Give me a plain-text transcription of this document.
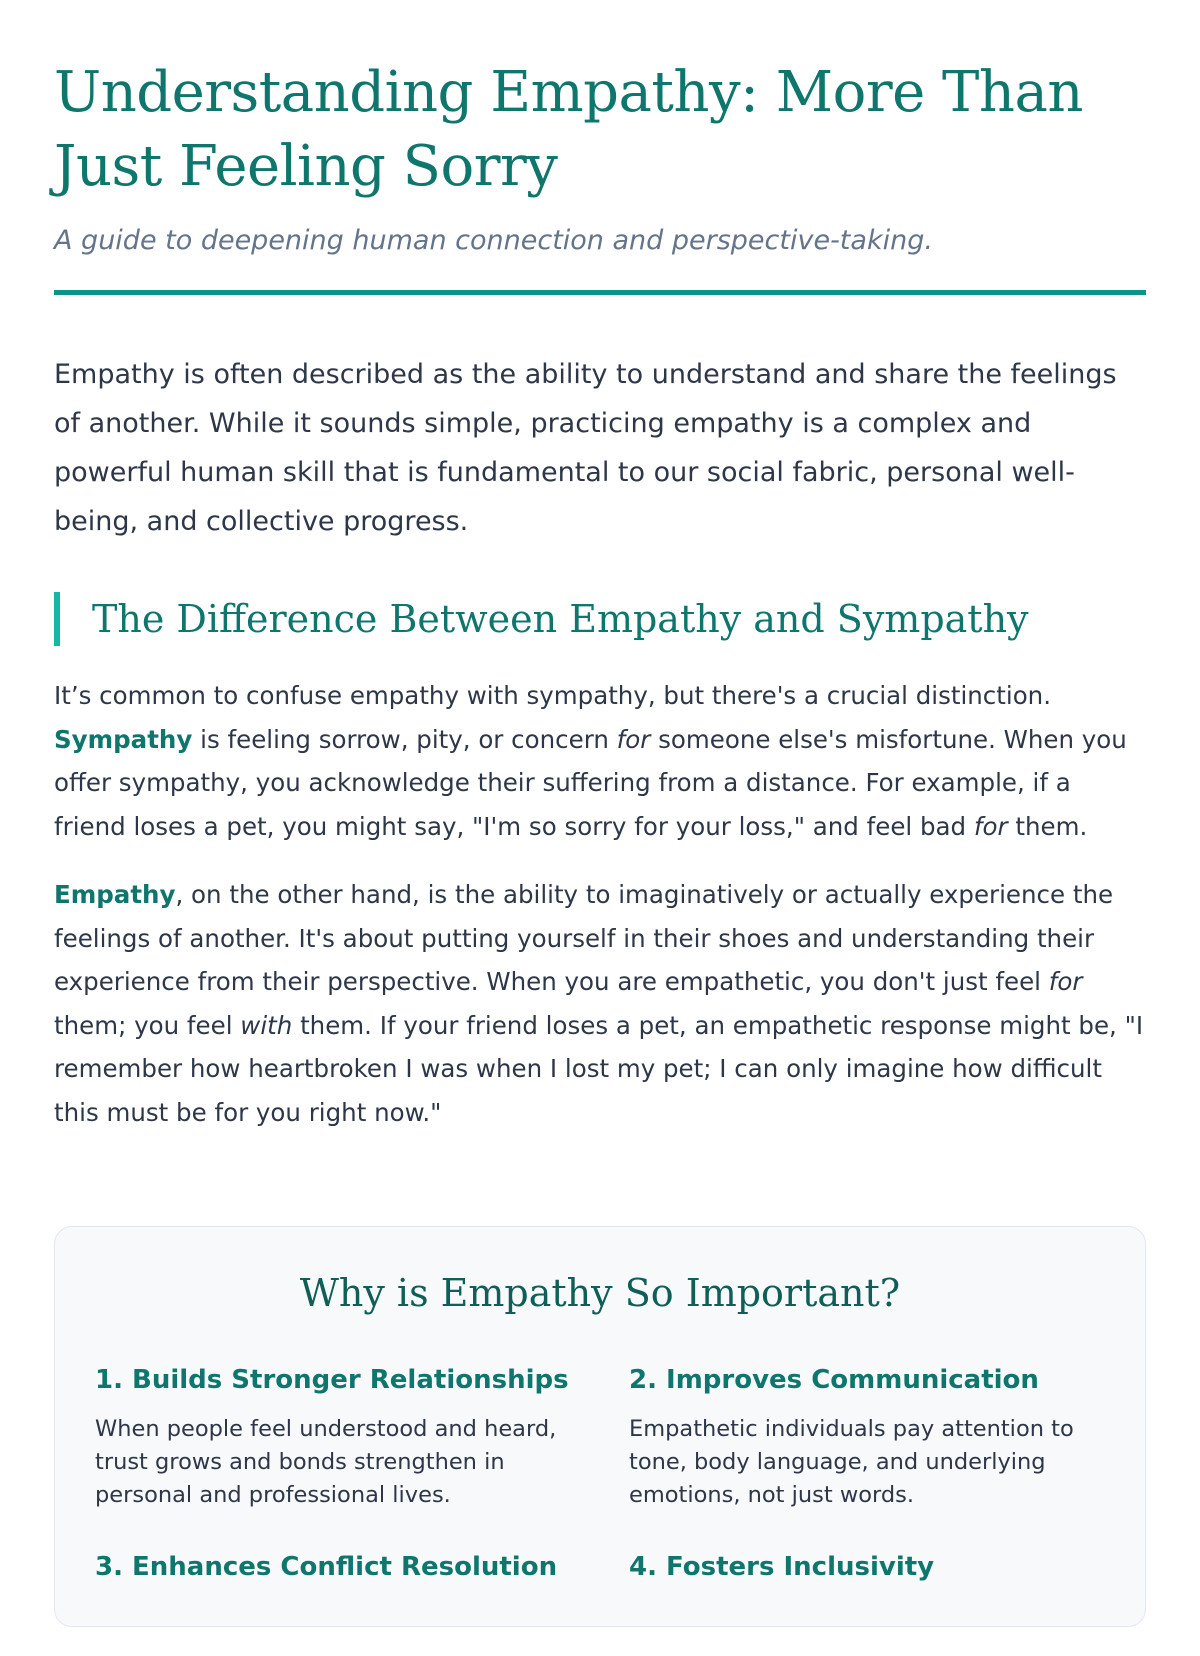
Understanding Empathy: More Than Just Feeling Sorry

A guide to deepening human connection and perspective-taking.

Empathy is often described as the ability to understand and share the feelings of another. While it sounds simple, practicing empathy is a complex and powerful human skill that is fundamental to our social fabric, personal well-being, and collective progress.

The Difference Between Empathy and Sympathy

It’s common to confuse empathy with sympathy, but there's a crucial distinction. Sympathy is feeling sorrow, pity, or concern for someone else's misfortune. When you offer sympathy, you acknowledge their suffering from a distance. For example, if a friend loses a pet, you might say, "I'm so sorry for your loss," and feel bad for them.

Empathy, on the other hand, is the ability to imaginatively or actually experience the feelings of another. It's about putting yourself in their shoes and understanding their experience from their perspective. When you are empathetic, you don't just feel for them; you feel with them. If your friend loses a pet, an empathetic response might be, "I remember how heartbroken I was when I lost my pet; I can only imagine how difficult this must be for you right now."

Why is Empathy So Important?
1. Builds Stronger Relationships

When people feel understood and heard, trust grows and bonds strengthen in personal and professional lives.

2. Improves Communication

Empathetic individuals pay attention to tone, body language, and underlying emotions, not just words.

3. Enhances Conflict Resolution	4. Fosters Inclusivity
